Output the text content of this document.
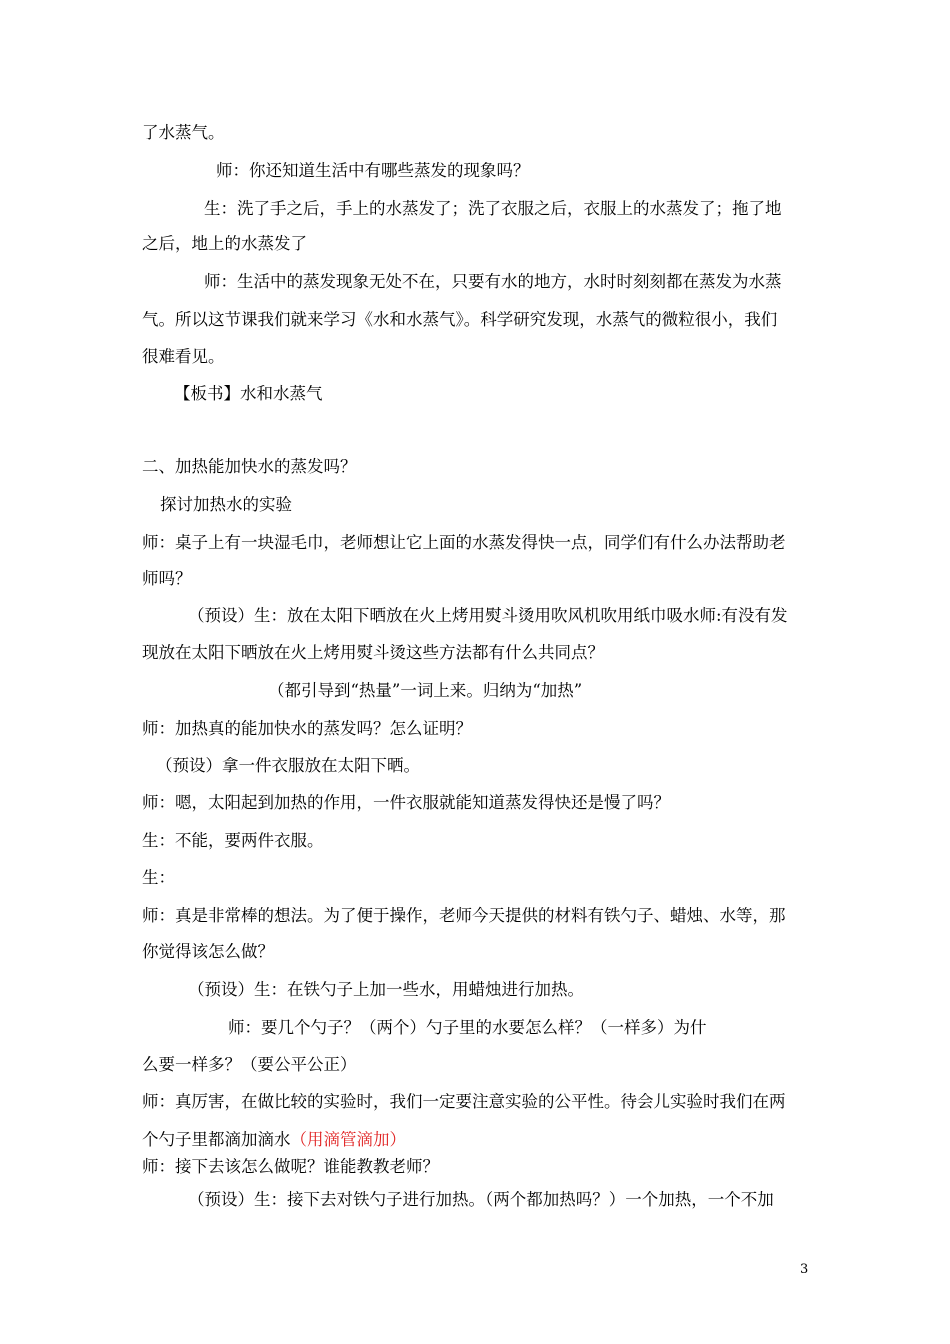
了水蒸气。
师：你还知道生活中有哪些蒸发的现象吗？
生：洗了手之后，手上的水蒸发了；洗了衣服之后，衣服上的水蒸发了；拖了地
之后，地上的水蒸发了
师：生活中的蒸发现象无处不在，只要有水的地方，水时时刻刻都在蒸发为水蒸
气。所以这节课我们就来学习《水和水蒸气》。科学研究发现，水蒸气的微粒很小，我们
很难看见。
【板书】水和水蒸气
二、加热能加快水的蒸发吗？
探讨加热水的实验
师：桌子上有一块湿毛巾，老师想让它上面的水蒸发得快一点，同学们有什么办法帮助老
师吗？
（预设）生：放在太阳下晒放在火上烤用熨斗烫用吹风机吹用纸巾吸水师:有没有发
现放在太阳下晒放在火上烤用熨斗烫这些方法都有什么共同点？
（都引导到“热量”一词上来。归纳为“加热”
师：加热真的能加快水的蒸发吗？怎么证明？
（预设）拿一件衣服放在太阳下晒。
师：嗯，太阳起到加热的作用，一件衣服就能知道蒸发得快还是慢了吗？
生：不能，要两件衣服。
生：
师：真是非常棒的想法。为了便于操作，老师今天提供的材料有铁勺子、蜡烛、水等，那
你觉得该怎么做？
（预设）生：在铁勺子上加一些水，用蜡烛进行加热。
师：要几个勺子？（两个）勺子里的水要怎么样？（一样多）为什
么要一样多？（要公平公正）
师：真厉害，在做比较的实验时，我们一定要注意实验的公平性。待会儿实验时我们在两
个勺子里都滴加滴水（用滴管滴加）
师：接下去该怎么做呢？谁能教教老师？
（预设）生：接下去对铁勺子进行加热。（两个都加热吗？）一个加热，一个不加
3
